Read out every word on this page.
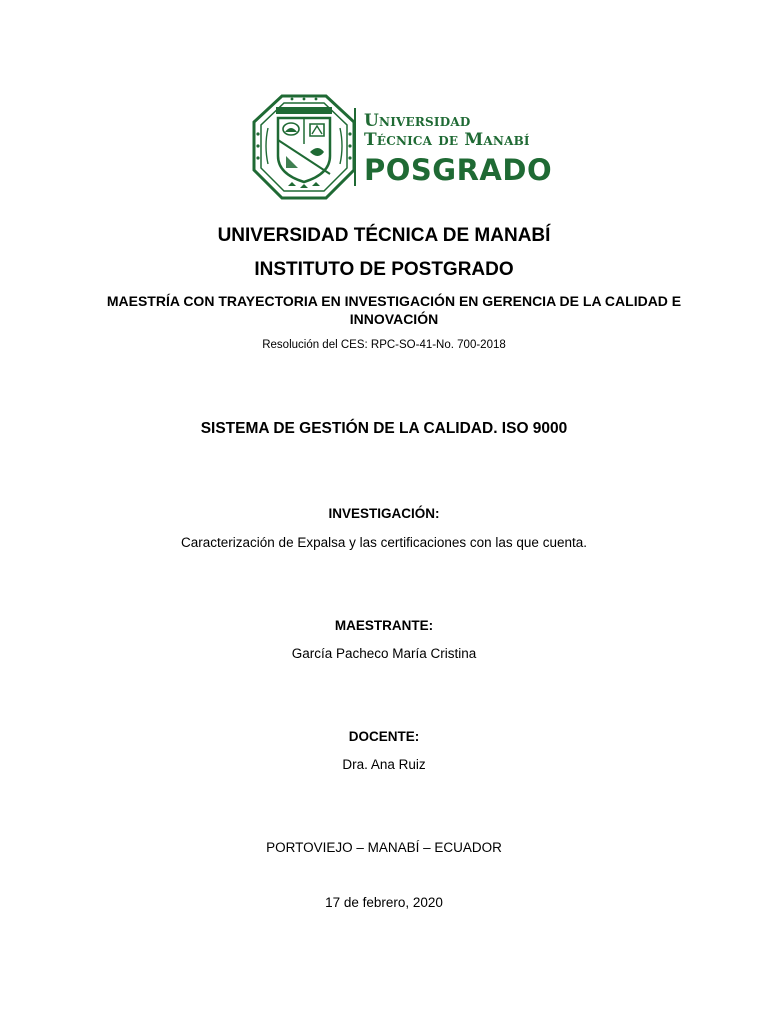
Universidad
Técnica de Manabí
POSGRADO
UNIVERSIDAD TÉCNICA DE MANABÍ
INSTITUTO DE POSTGRADO
MAESTRÍA CON TRAYECTORIA EN INVESTIGACIÓN EN GERENCIA DE LA CALIDAD E INNOVACIÓN
Resolución del CES: RPC-SO-41-No. 700-2018
SISTEMA DE GESTIÓN DE LA CALIDAD. ISO 9000
INVESTIGACIÓN:
Caracterización de Expalsa y las certificaciones con las que cuenta.
MAESTRANTE:
García Pacheco María Cristina
DOCENTE:
Dra. Ana Ruiz
PORTOVIEJO – MANABÍ – ECUADOR
17 de febrero, 2020
